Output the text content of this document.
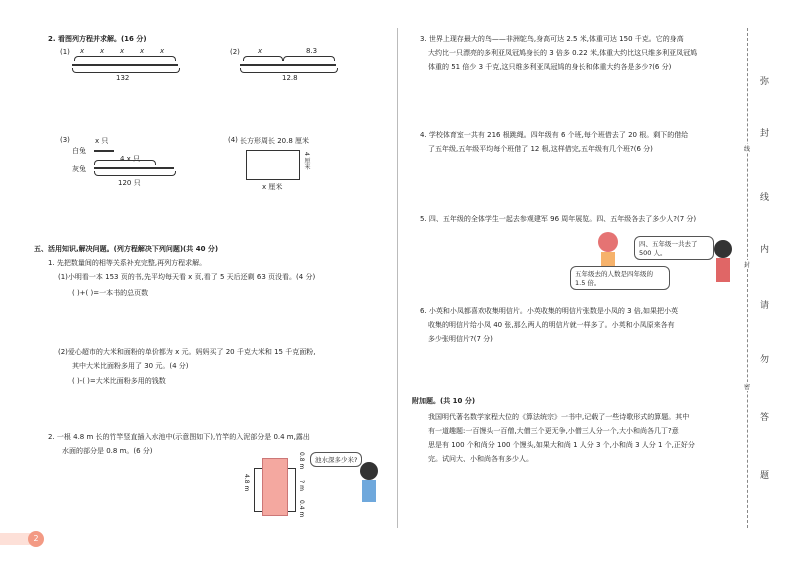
2. 看图列方程并求解。(16 分)
(1) x x x x x
132
(2)	x	8.3
12.8
(3)	x 只
白兔
4 x 只
灰兔
120 只
(4) 长方形周长 20.8 厘米
4 厘米
x 厘米
五、活用知识,解决问题。(列方程解决下列问题)(共 40 分)
1. 先把数量间的相等关系补充完整,再列方程求解。
(1)小明看一本 153 页的书,先平均每天看 x 页,看了 5 天后还剩 63 页没看。(4 分)
( )+( )=一本书的总页数
(2)爱心超市的大米和面粉的单价都为 x 元。妈妈买了 20 千克大米和 15 千克面粉,
其中大米比面粉多用了 30 元。(4 分)
( )-( )=大米比面粉多用的钱数
2. 一根 4.8 m 长的竹竿竖直插入水池中(示意图如下),竹竿的入泥部分是 0.4 m,露出
水面的部分是 0.8 m。(6 分)
4.8 m
0.8 m
? m
0.4 m
池水深多少米?
3. 世界上现存最大的鸟——非洲鸵鸟,身高可达 2.5 米,体重可达 150 千克。它的身高
大约比一只漂亮的多利亚凤冠鸠身长的 3 倍多 0.22 米,体重大约比这只维多利亚凤冠鸠
体重的 51 倍少 3 千克,这只维多利亚凤冠鸠的身长和体重大约各是多少?(6 分)
4. 学校体育室一共有 216 根跳绳。四年级有 6 个班,每个班借去了 20 根。剩下的借给
了五年级,五年级平均每个班借了 12 根,这样借完,五年级有几个班?(6 分)
5. 四、五年级的全体学生一起去参观建军 96 周年展览。四、五年级各去了多少人?(7 分)
四、五年级一共去了 500 人。
五年级去的人数是四年级的 1.5 倍。
6. 小英和小凤都喜欢收集明信片。小英收集的明信片张数是小凤的 3 倍,如果把小英
收集的明信片给小凤 40 张,那么两人的明信片就一样多了。小英和小凤原来各有
多少张明信片?(7 分)
附加题。(共 10 分)
我国明代著名数学家程大位的《算法统宗》一书中,记载了一些诗歌形式的算题。其中
有一道趣题:一百馒头一百僧,大僧三个更无争,小僧三人分一个,大小和尚各几丁?意
思是有 100 个和尚分 100 个馒头,如果大和尚 1 人分 3 个,小和尚 3 人分 1 个,正好分
完。试问大、小和尚各有多少人。
弥
封
线
内
请
勿
答
题
线
封
密
2
